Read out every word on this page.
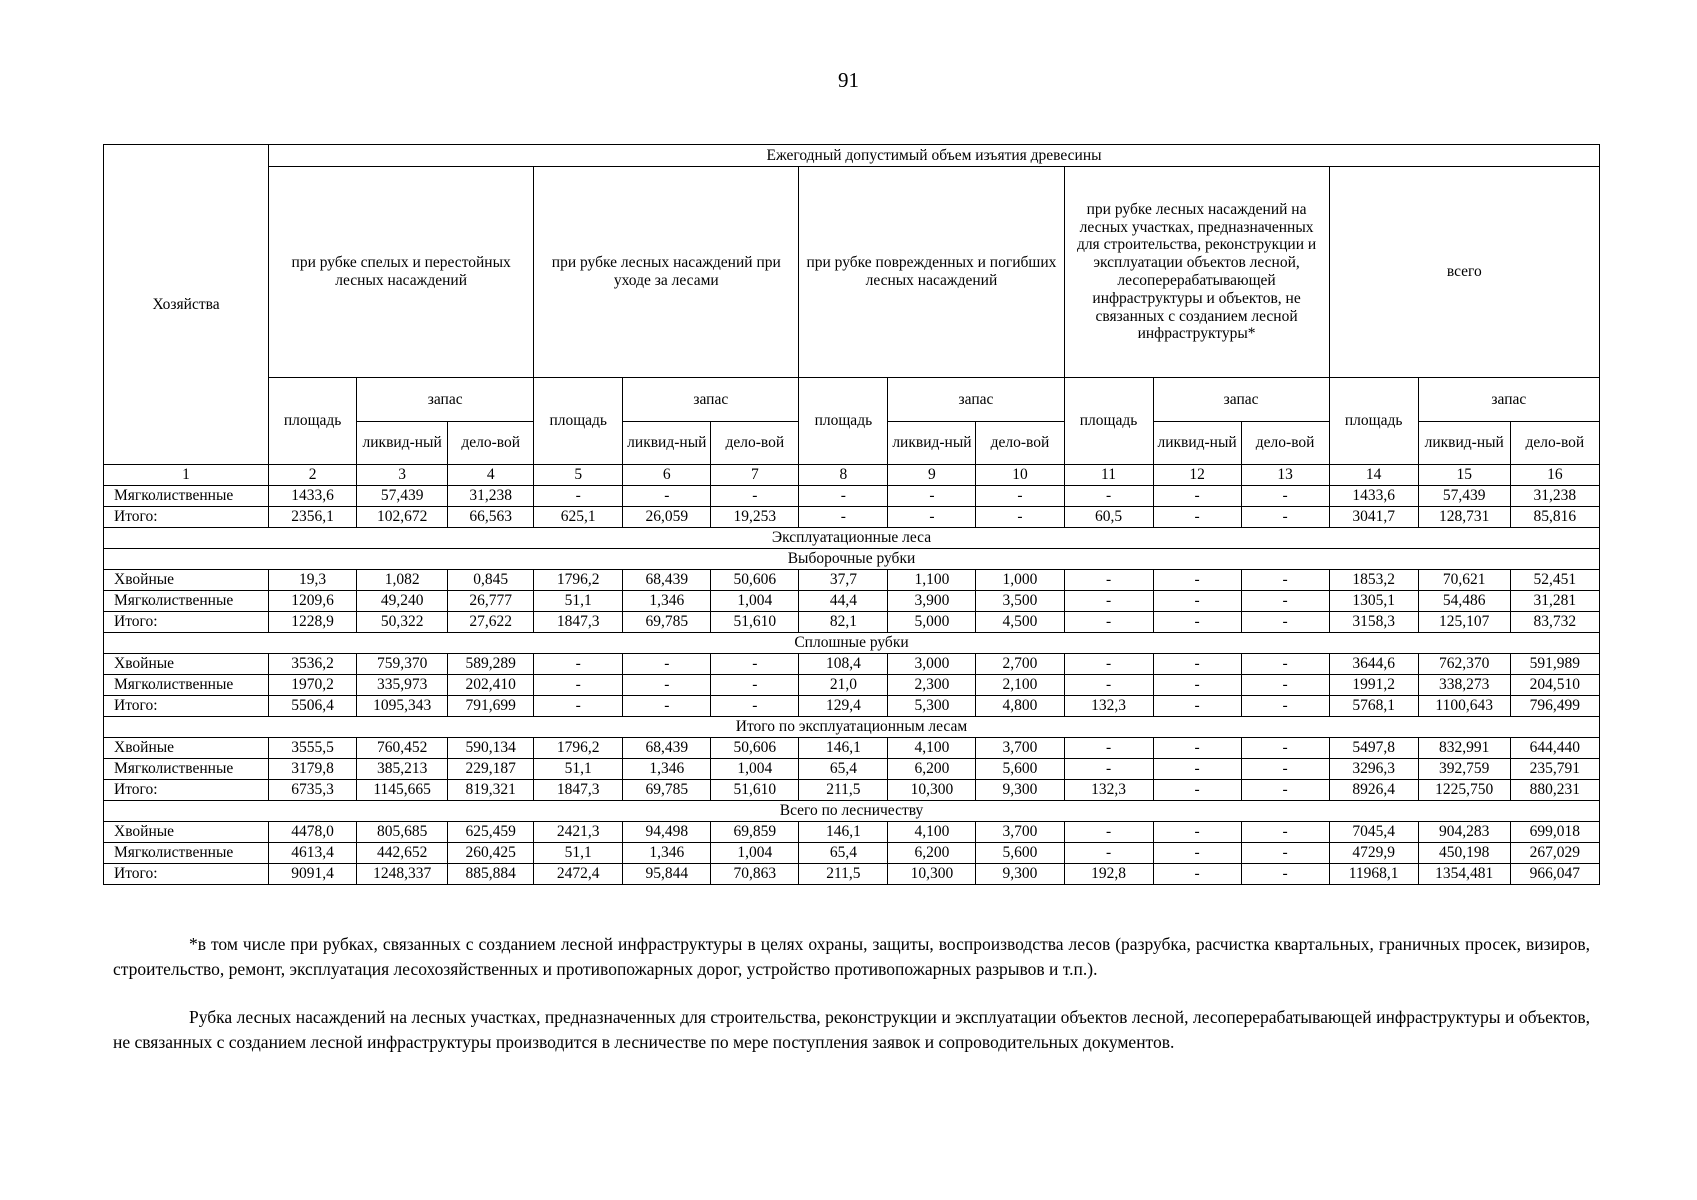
91
Хозяйства	Ежегодный допустимый объем изъятия древесины														
	при рубке спелых и перестойных лесных насаждений			при рубке лесных насаждений при уходе за лесами			при рубке поврежденных и погибших лесных насаждений			при рубке лесных насаждений на лесных участках, предназначенных для строительства, реконструкции и эксплуатации объектов лесной, лесоперерабатывающей инфраструктуры и объектов, не связанных с созданием лесной инфраструктуры*			всего		
	площадь	запас		площадь	запас		площадь	запас		площадь	запас		площадь	запас	
		ликвид-ный	дело-вой		ликвид-ный	дело-вой		ликвид-ный	дело-вой		ликвид-ный	дело-вой		ликвид-ный	дело-вой
1	2	3	4	5	6	7	8	9	10	11	12	13	14	15	16
Мягколиственные	1433,6	57,439	31,238	-	-	-	-	-	-	-	-	-	1433,6	57,439	31,238
Итого:	2356,1	102,672	66,563	625,1	26,059	19,253	-	-	-	60,5	-	-	3041,7	128,731	85,816
Эксплуатационные леса															
Выборочные рубки															
Хвойные	19,3	1,082	0,845	1796,2	68,439	50,606	37,7	1,100	1,000	-	-	-	1853,2	70,621	52,451
Мягколиственные	1209,6	49,240	26,777	51,1	1,346	1,004	44,4	3,900	3,500	-	-	-	1305,1	54,486	31,281
Итого:	1228,9	50,322	27,622	1847,3	69,785	51,610	82,1	5,000	4,500	-	-	-	3158,3	125,107	83,732
Сплошные рубки															
Хвойные	3536,2	759,370	589,289	-	-	-	108,4	3,000	2,700	-	-	-	3644,6	762,370	591,989
Мягколиственные	1970,2	335,973	202,410	-	-	-	21,0	2,300	2,100	-	-	-	1991,2	338,273	204,510
Итого:	5506,4	1095,343	791,699	-	-	-	129,4	5,300	4,800	132,3	-	-	5768,1	1100,643	796,499
Итого по эксплуатационным лесам															
Хвойные	3555,5	760,452	590,134	1796,2	68,439	50,606	146,1	4,100	3,700	-	-	-	5497,8	832,991	644,440
Мягколиственные	3179,8	385,213	229,187	51,1	1,346	1,004	65,4	6,200	5,600	-	-	-	3296,3	392,759	235,791
Итого:	6735,3	1145,665	819,321	1847,3	69,785	51,610	211,5	10,300	9,300	132,3	-	-	8926,4	1225,750	880,231
Всего по лесничеству															
Хвойные	4478,0	805,685	625,459	2421,3	94,498	69,859	146,1	4,100	3,700	-	-	-	7045,4	904,283	699,018
Мягколиственные	4613,4	442,652	260,425	51,1	1,346	1,004	65,4	6,200	5,600	-	-	-	4729,9	450,198	267,029
Итого:	9091,4	1248,337	885,884	2472,4	95,844	70,863	211,5	10,300	9,300	192,8	-	-	11968,1	1354,481	966,047

*в том числе при рубках, связанных с созданием лесной инфраструктуры в целях охраны, защиты, воспроизводства лесов (разрубка, расчистка квартальных, граничных просек, визиров, строительство, ремонт, эксплуатация лесохозяйственных и противопожарных дорог, устройство противопожарных разрывов и т.п.).

Рубка лесных насаждений на лесных участках, предназначенных для строительства, реконструкции и эксплуатации объектов лесной, лесоперерабатывающей инфраструктуры и объектов, не связанных с созданием лесной инфраструктуры производится в лесничестве по мере поступления заявок и сопроводительных документов.
